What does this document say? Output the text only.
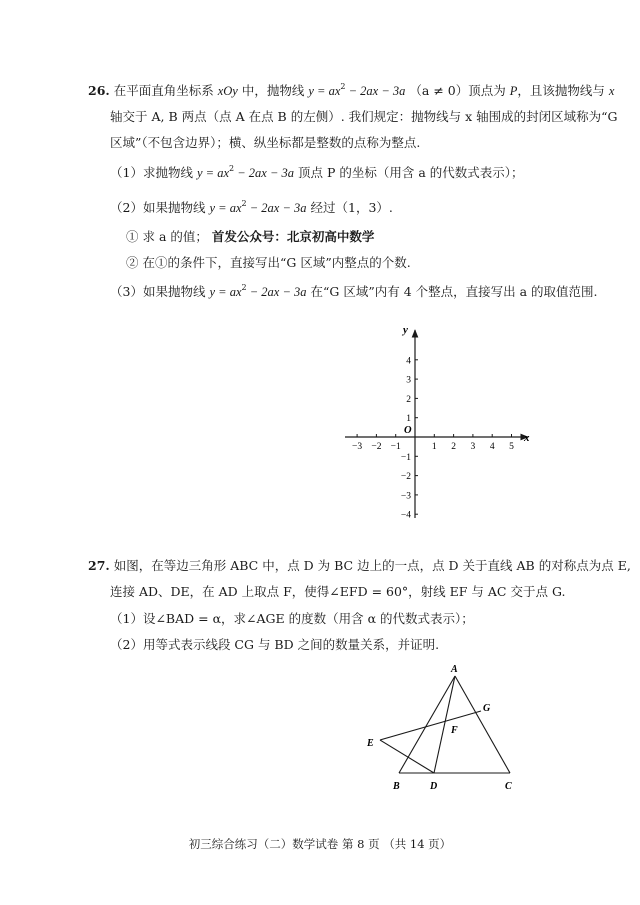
26. 在平面直角坐标系 xOy 中，抛物线 $y = ax^2 - 2ax - 3a$ （a ≠ 0）顶点为 P，且该抛物线与 x
轴交于 A, B 两点（点 A 在点 B 的左侧）. 我们规定：抛物线与 x 轴围成的封闭区域称为“G
区域”（不包含边界）；横、纵坐标都是整数的点称为整点.
（1）求抛物线 $y = ax^2 - 2ax - 3a$ 顶点 P 的坐标（用含 a 的代数式表示）；
（2）如果抛物线 $y = ax^2 - 2ax - 3a$ 经过（1，3）.
① 求 a 的值； 首发公众号：北京初高中数学
② 在①的条件下，直接写出“G 区域”内整点的个数.
（3）如果抛物线 $y = ax^2 - 2ax - 3a$ 在“G 区域”内有 4 个整点，直接写出 a 的取值范围.
−3 −2 −1	1 2 3 4 5
4
3
2
1
−1
−2
−3
−4
y
x
O
27. 如图，在等边三角形 ABC 中，点 D 为 BC 边上的一点，点 D 关于直线 AB 的对称点为点 E,
连接 AD、DE，在 AD 上取点 F，使得∠EFD = 60°，射线 EF 与 AC 交于点 G.
（1）设∠BAD = α，求∠AGE 的度数（用含 α 的代数式表示）；
（2）用等式表示线段 CG 与 BD 之间的数量关系，并证明.
A
G
F
E
B	D	C
初三综合练习（二）数学试卷 第 8 页 （共 14 页）
